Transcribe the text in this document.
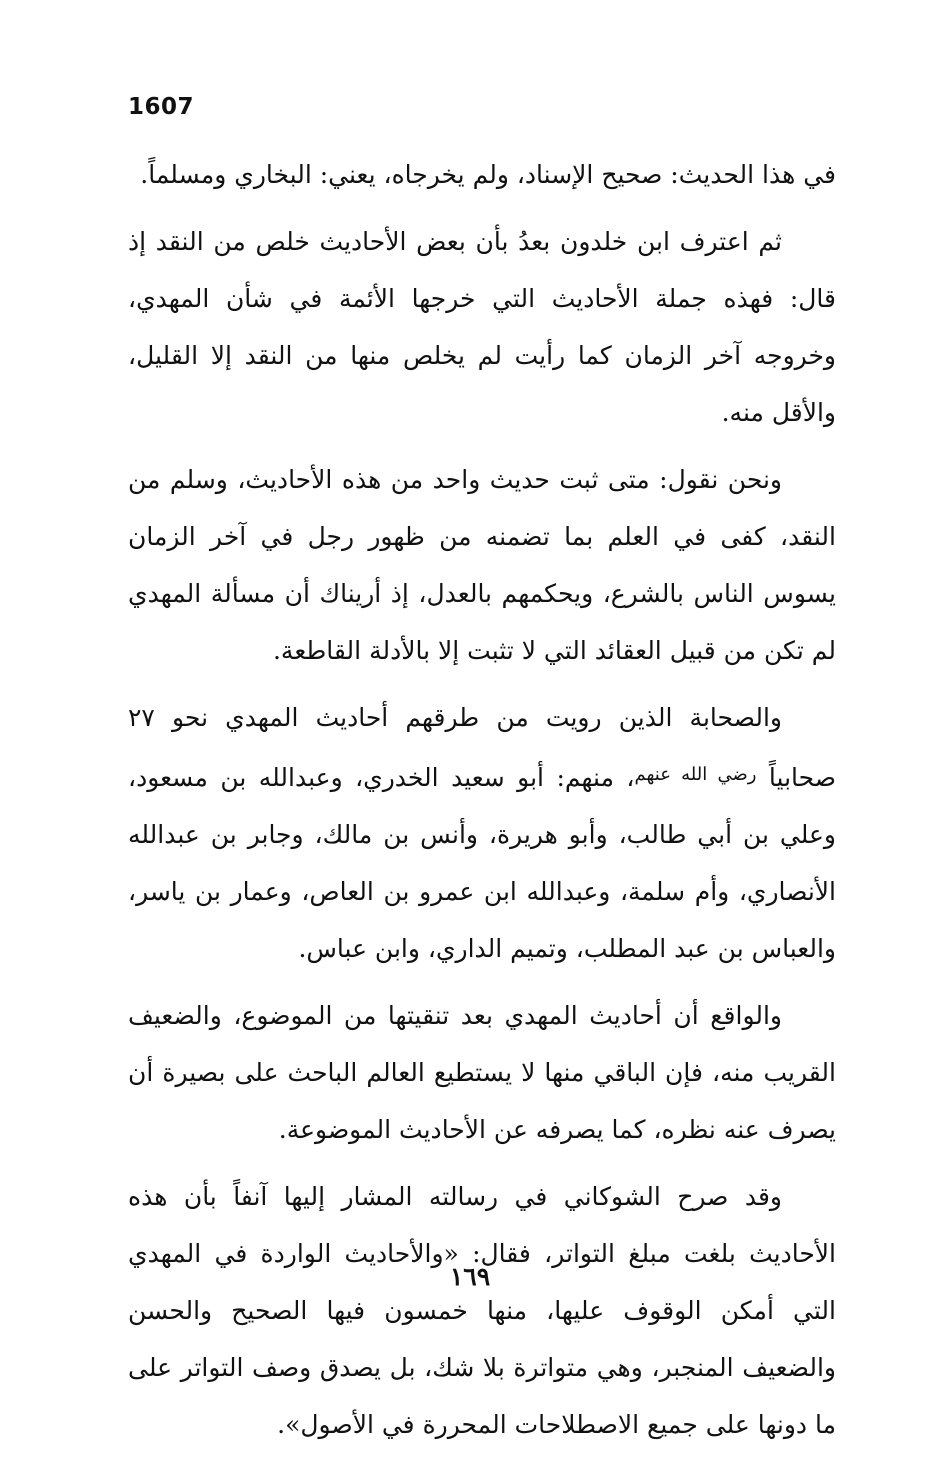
1607

في هذا الحديث: صحيح الإسناد، ولم يخرجاه، يعني: البخاري ومسلماً.

ثم اعترف ابن خلدون بعدُ بأن بعض الأحاديث خلص من النقد إذ قال: فهذه جملة الأحاديث التي خرجها الأئمة في شأن المهدي، وخروجه آخر الزمان كما رأيت لم يخلص منها من النقد إلا القليل، والأقل منه.

ونحن نقول: متى ثبت حديث واحد من هذه الأحاديث، وسلم من النقد، كفى في العلم بما تضمنه من ظهور رجل في آخر الزمان يسوس الناس بالشرع، ويحكمهم بالعدل، إذ أريناك أن مسألة المهدي لم تكن من قبيل العقائد التي لا تثبت إلا بالأدلة القاطعة.

والصحابة الذين رويت من طرقهم أحاديث المهدي نحو ٢٧ صحابياً $^{رضي الله عنهم}$، منهم: أبو سعيد الخدري، وعبدالله بن مسعود، وعلي بن أبي طالب، وأبو هريرة، وأنس بن مالك، وجابر بن عبدالله الأنصاري، وأم سلمة، وعبدالله ابن عمرو بن العاص، وعمار بن ياسر، والعباس بن عبد المطلب، وتميم الداري، وابن عباس.

والواقع أن أحاديث المهدي بعد تنقيتها من الموضوع، والضعيف القريب منه، فإن الباقي منها لا يستطيع العالم الباحث على بصيرة أن يصرف عنه نظره، كما يصرفه عن الأحاديث الموضوعة.

وقد صرح الشوكاني في رسالته المشار إليها آنفاً بأن هذه الأحاديث بلغت مبلغ التواتر، فقال: «والأحاديث الواردة في المهدي التي أمكن الوقوف عليها، منها خمسون فيها الصحيح والحسن والضعيف المنجبر، وهي متواترة بلا شك، بل يصدق وصف التواتر على ما دونها على جميع الاصطلاحات المحررة في الأصول».

١٦٩
